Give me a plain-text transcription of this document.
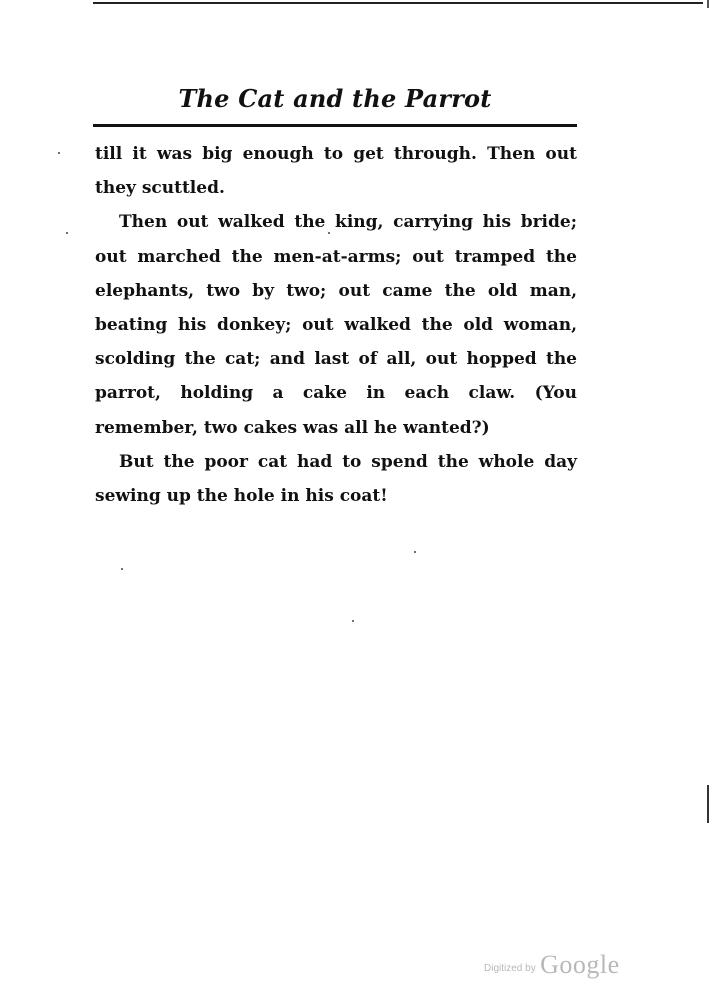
The Cat and the Parrot

till it was big enough to get through. Then out they scuttled.

Then out walked the king, carrying his bride; out marched the men-at-arms; out tramped the elephants, two by two; out came the old man, beating his donkey; out walked the old woman, scolding the cat; and last of all, out hopped the parrot, holding a cake in each claw. (You remember, two cakes was all he wanted?)

But the poor cat had to spend the whole day sewing up the hole in his coat!

Digitized by Google
